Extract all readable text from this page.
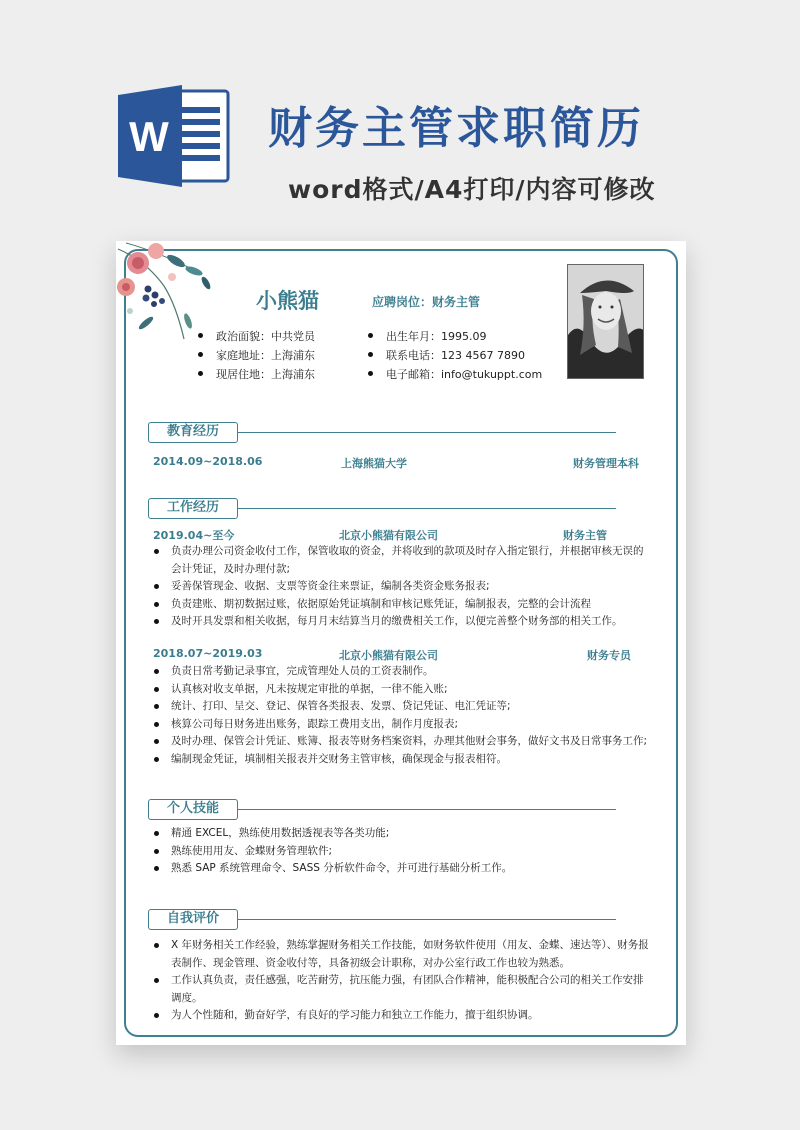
W 财务主管求职简历
word格式/A4打印/内容可修改
小熊猫	应聘岗位：财务主管
政治面貌：中共党员
家庭地址：上海浦东
现居住地：上海浦东
出生年月：1995.09
联系电话：123 4567 7890
电子邮箱：info@tukuppt.com
教育经历
2014.09~2018.06	上海熊猫大学	财务管理本科
工作经历
2019.04~至今	北京小熊猫有限公司	财务主管
负责办理公司资金收付工作，保管收取的资金，并将收到的款项及时存入指定银行，并根据审核无误的会计凭证，及时办理付款;
妥善保管现金、收据、支票等资金往来票证，编制各类资金账务报表;
负责建账、期初数据过账，依据原始凭证填制和审核记账凭证，编制报表，完整的会计流程
及时开具发票和相关收据，每月月末结算当月的缴费相关工作，以便完善整个财务部的相关工作。
2018.07~2019.03	北京小熊猫有限公司	财务专员
负责日常考勤记录事宜，完成管理处人员的工资表制作。
认真核对收支单据，凡未按规定审批的单据，一律不能入账;
统计、打印、呈交、登记、保管各类报表、发票、贷记凭证、电汇凭证等;
核算公司每日财务进出账务，跟踪工费用支出，制作月度报表;
及时办理、保管会计凭证、账簿、报表等财务档案资料，办理其他财会事务，做好文书及日常事务工作;
编制现金凭证，填制相关报表并交财务主管审核，确保现金与报表相符。
个人技能
精通 EXCEL，熟练使用数据透视表等各类功能;
熟练使用用友、金蝶财务管理软件;
熟悉 SAP 系统管理命令、SASS 分析软件命令，并可进行基础分析工作。
自我评价
X 年财务相关工作经验，熟练掌握财务相关工作技能，如财务软件使用（用友、金蝶、速达等）、财务报表制作、现金管理、资金收付等，具备初级会计职称，对办公室行政工作也较为熟悉。
工作认真负责，责任感强，吃苦耐劳，抗压能力强，有团队合作精神，能积极配合公司的相关工作安排调度。
为人个性随和，勤奋好学，有良好的学习能力和独立工作能力，擅于组织协调。
